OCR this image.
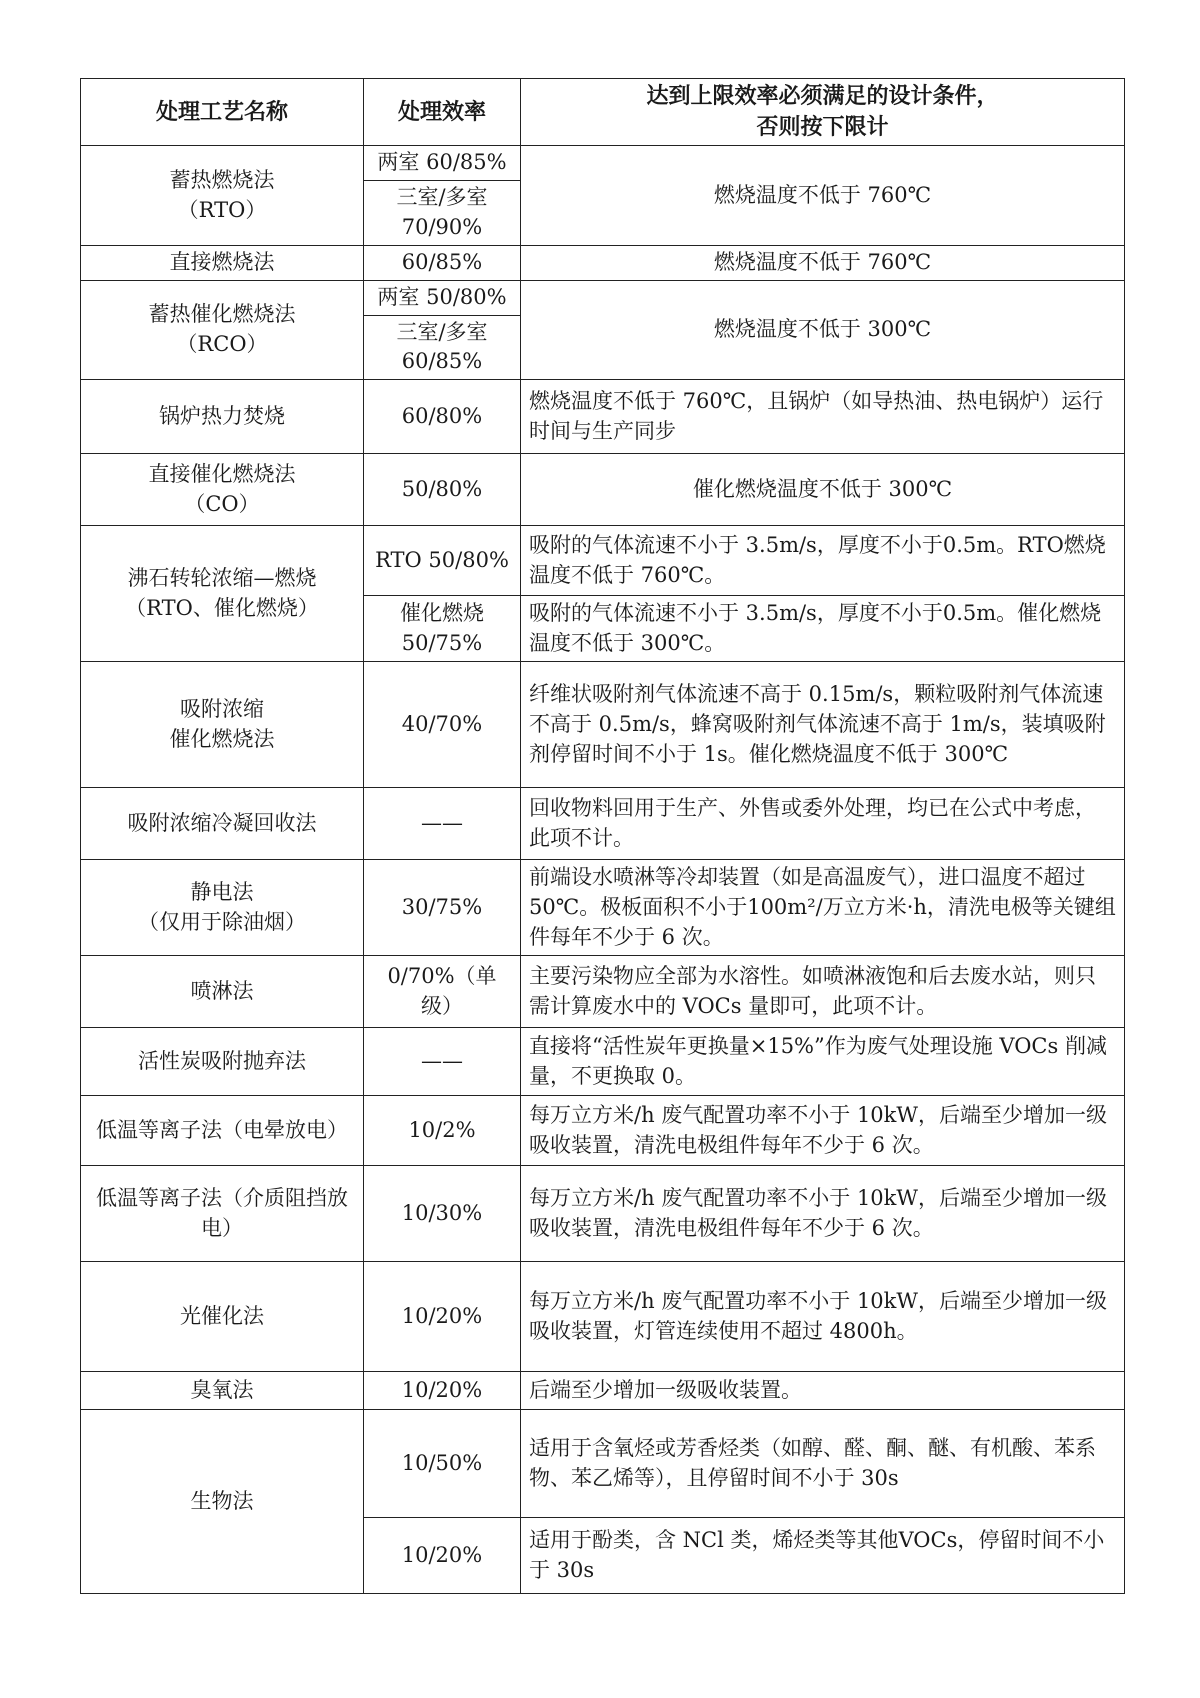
处理工艺名称	处理效率	达到上限效率必须满足的设计条件，
否则按下限计

蓄热燃烧法
（RTO）	两室 60/85%	燃烧温度不低于 760℃

	三室/多室
70/90%	

直接燃烧法	60/85%	燃烧温度不低于 760℃

蓄热催化燃烧法
（RCO）	两室 50/80%	燃烧温度不低于 300℃

	三室/多室
60/85%	

锅炉热力焚烧	60/80%	燃烧温度不低于 760℃，且锅炉（如导热油、热电锅炉）运行时间与生产同步

直接催化燃烧法
（CO）	50/80%	催化燃烧温度不低于 300℃

沸石转轮浓缩—燃烧
（RTO、催化燃烧）	RTO 50/80%	吸附的气体流速不小于 3.5m/s，厚度不小于0.5m。RTO燃烧温度不低于 760℃。

	催化燃烧
50/75%	吸附的气体流速不小于 3.5m/s，厚度不小于0.5m。催化燃烧温度不低于 300℃。

吸附浓缩
催化燃烧法	40/70%	纤维状吸附剂气体流速不高于 0.15m/s，颗粒吸附剂气体流速不高于 0.5m/s，蜂窝吸附剂气体流速不高于 1m/s，装填吸附剂停留时间不小于 1s。催化燃烧温度不低于 300℃
吸附浓缩冷凝回收法	——	回收物料回用于生产、外售或委外处理，均已在公式中考虑，此项不计。

静电法
（仅用于除油烟）	30/75%	前端设水喷淋等冷却装置（如是高温废气），进口温度不超过 50℃。极板面积不小于100m²/万立方米·h，清洗电极等关键组件每年不少于 6 次。
喷淋法	0/70%（单级）	主要污染物应全部为水溶性。如喷淋液饱和后去废水站，则只需计算废水中的 VOCs 量即可，此项不计。
活性炭吸附抛弃法	——	直接将“活性炭年更换量×15%”作为废气处理设施 VOCs 削减量，不更换取 0。
低温等离子法（电晕放电）	10/2%	每万立方米/h 废气配置功率不小于 10kW，后端至少增加一级吸收装置，清洗电极组件每年不少于 6 次。
低温等离子法（介质阻挡放电）	10/30%	每万立方米/h 废气配置功率不小于 10kW，后端至少增加一级吸收装置，清洗电极组件每年不少于 6 次。
光催化法	10/20%	每万立方米/h 废气配置功率不小于 10kW，后端至少增加一级吸收装置，灯管连续使用不超过 4800h。
臭氧法	10/20%	后端至少增加一级吸收装置。
生物法	10/50%	适用于含氧烃或芳香烃类（如醇、醛、酮、醚、有机酸、苯系物、苯乙烯等），且停留时间不小于 30s
	10/20%	适用于酚类，含 NCl 类，烯烃类等其他VOCs，停留时间不小于 30s
